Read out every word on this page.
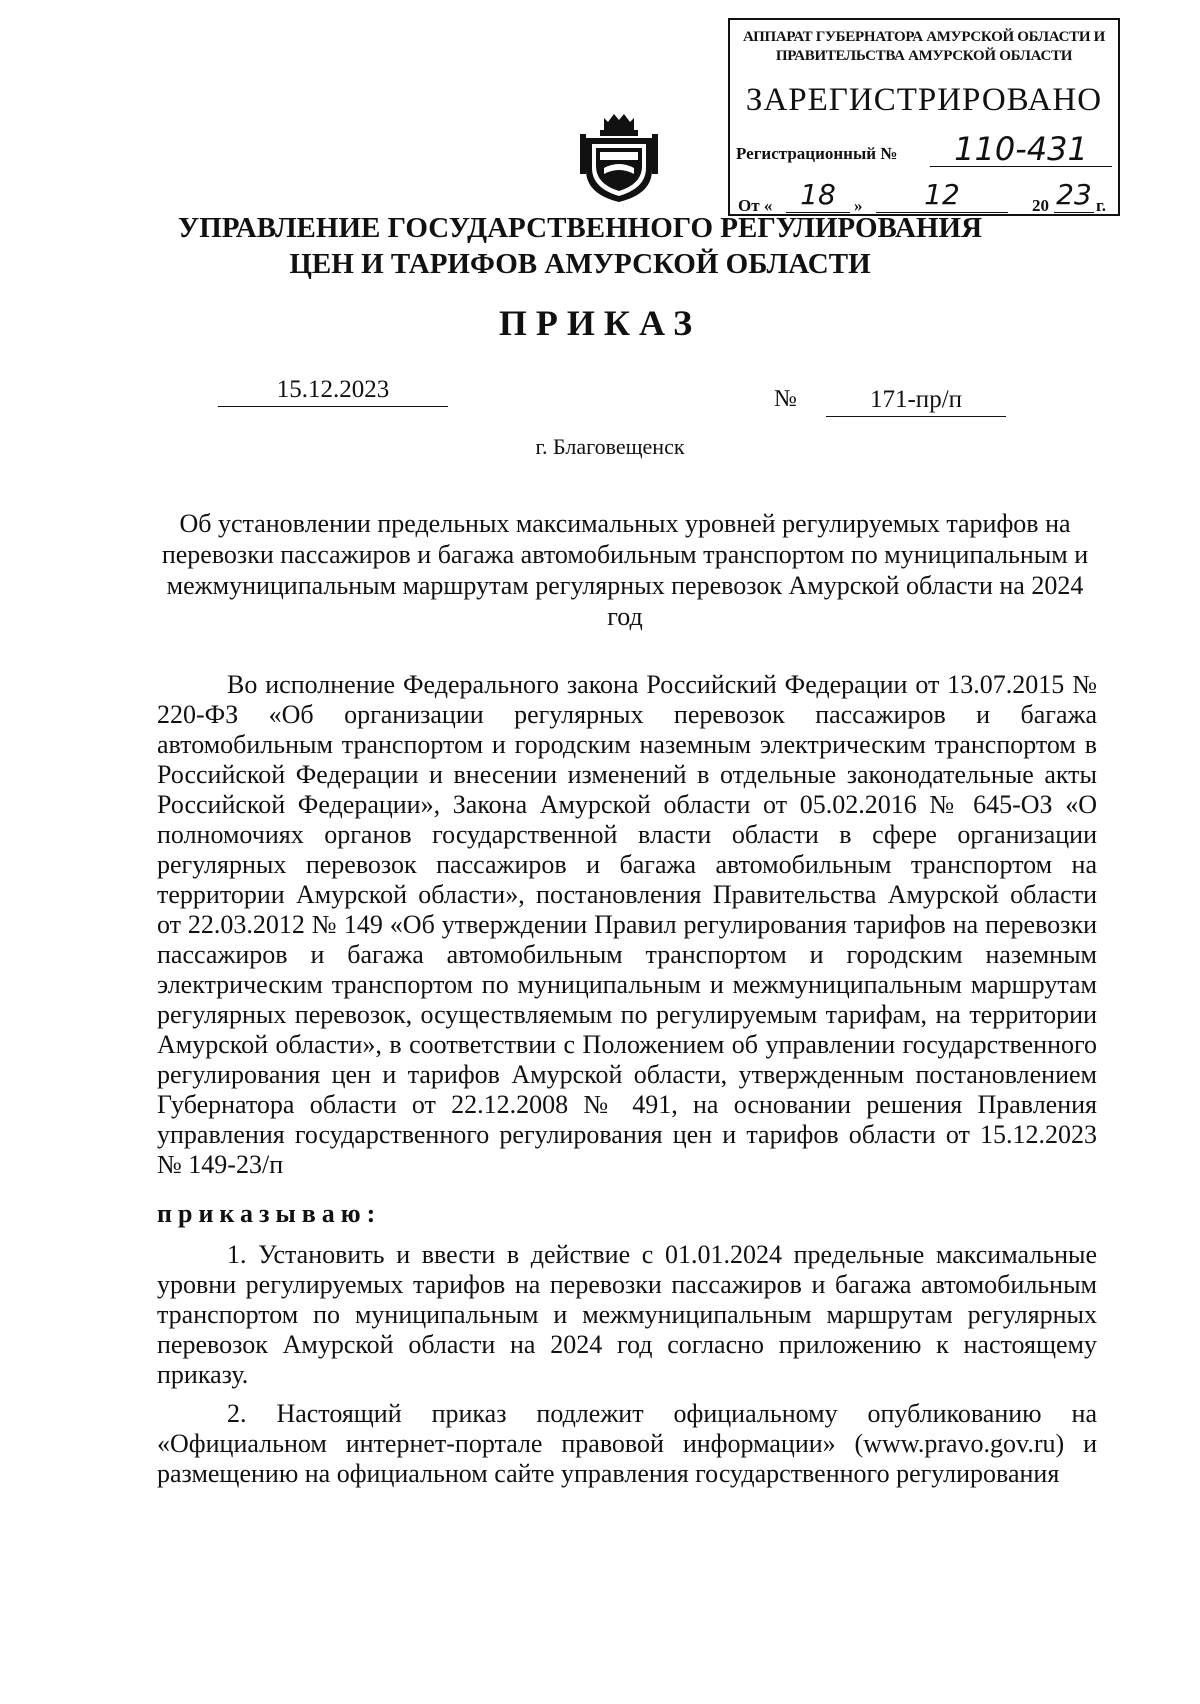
АППАРАТ ГУБЕРНАТОРА АМУРСКОЙ ОБЛАСТИ И ПРАВИТЕЛЬСТВА АМУРСКОЙ ОБЛАСТИ
ЗАРЕГИСТРИРОВАНО
Регистрационный №	110-431
От « 18	»	12	20 23 г.
УПРАВЛЕНИЕ ГОСУДАРСТВЕННОГО РЕГУЛИРОВАНИЯ ЦЕН И ТАРИФОВ АМУРСКОЙ ОБЛАСТИ
ПРИКАЗ
15.12.2023	№	171-пр/п
г. Благовещенск
Об установлении предельных максимальных уровней регулируемых тарифов на перевозки пассажиров и багажа автомобильным транспортом по муниципальным и межмуниципальным маршрутам регулярных перевозок Амурской области на 2024 год
Во исполнение Федерального закона Российский Федерации от 13.07.2015 № 220-ФЗ «Об организации регулярных перевозок пассажиров и багажа автомобильным транспортом и городским наземным электрическим транспортом в Российской Федерации и внесении изменений в отдельные законодательные акты Российской Федерации», Закона Амурской области от 05.02.2016 № 645-ОЗ «О полномочиях органов государственной власти области в сфере организации регулярных перевозок пассажиров и багажа автомобильным транспортом на территории Амурской области», постановления Правительства Амурской области от 22.03.2012 № 149 «Об утверждении Правил регулирования тарифов на перевозки пассажиров и багажа автомобильным транспортом и городским наземным электрическим транспортом по муниципальным и межмуниципальным маршрутам регулярных перевозок, осуществляемым по регулируемым тарифам, на территории Амурской области», в соответствии с Положением об управлении государственного регулирования цен и тарифов Амурской области, утвержденным постановлением Губернатора области от 22.12.2008 № 491, на основании решения Правления управления государственного регулирования цен и тарифов области от 15.12.2023 № 149-23/п
приказываю:
1. Установить и ввести в действие с 01.01.2024 предельные максимальные уровни регулируемых тарифов на перевозки пассажиров и багажа автомобильным транспортом по муниципальным и межмуниципальным маршрутам регулярных перевозок Амурской области на 2024 год согласно приложению к настоящему приказу.
2. Настоящий приказ подлежит официальному опубликованию на «Официальном интернет-портале правовой информации» (www.pravo.gov.ru) и размещению на официальном сайте управления государственного регулирования
